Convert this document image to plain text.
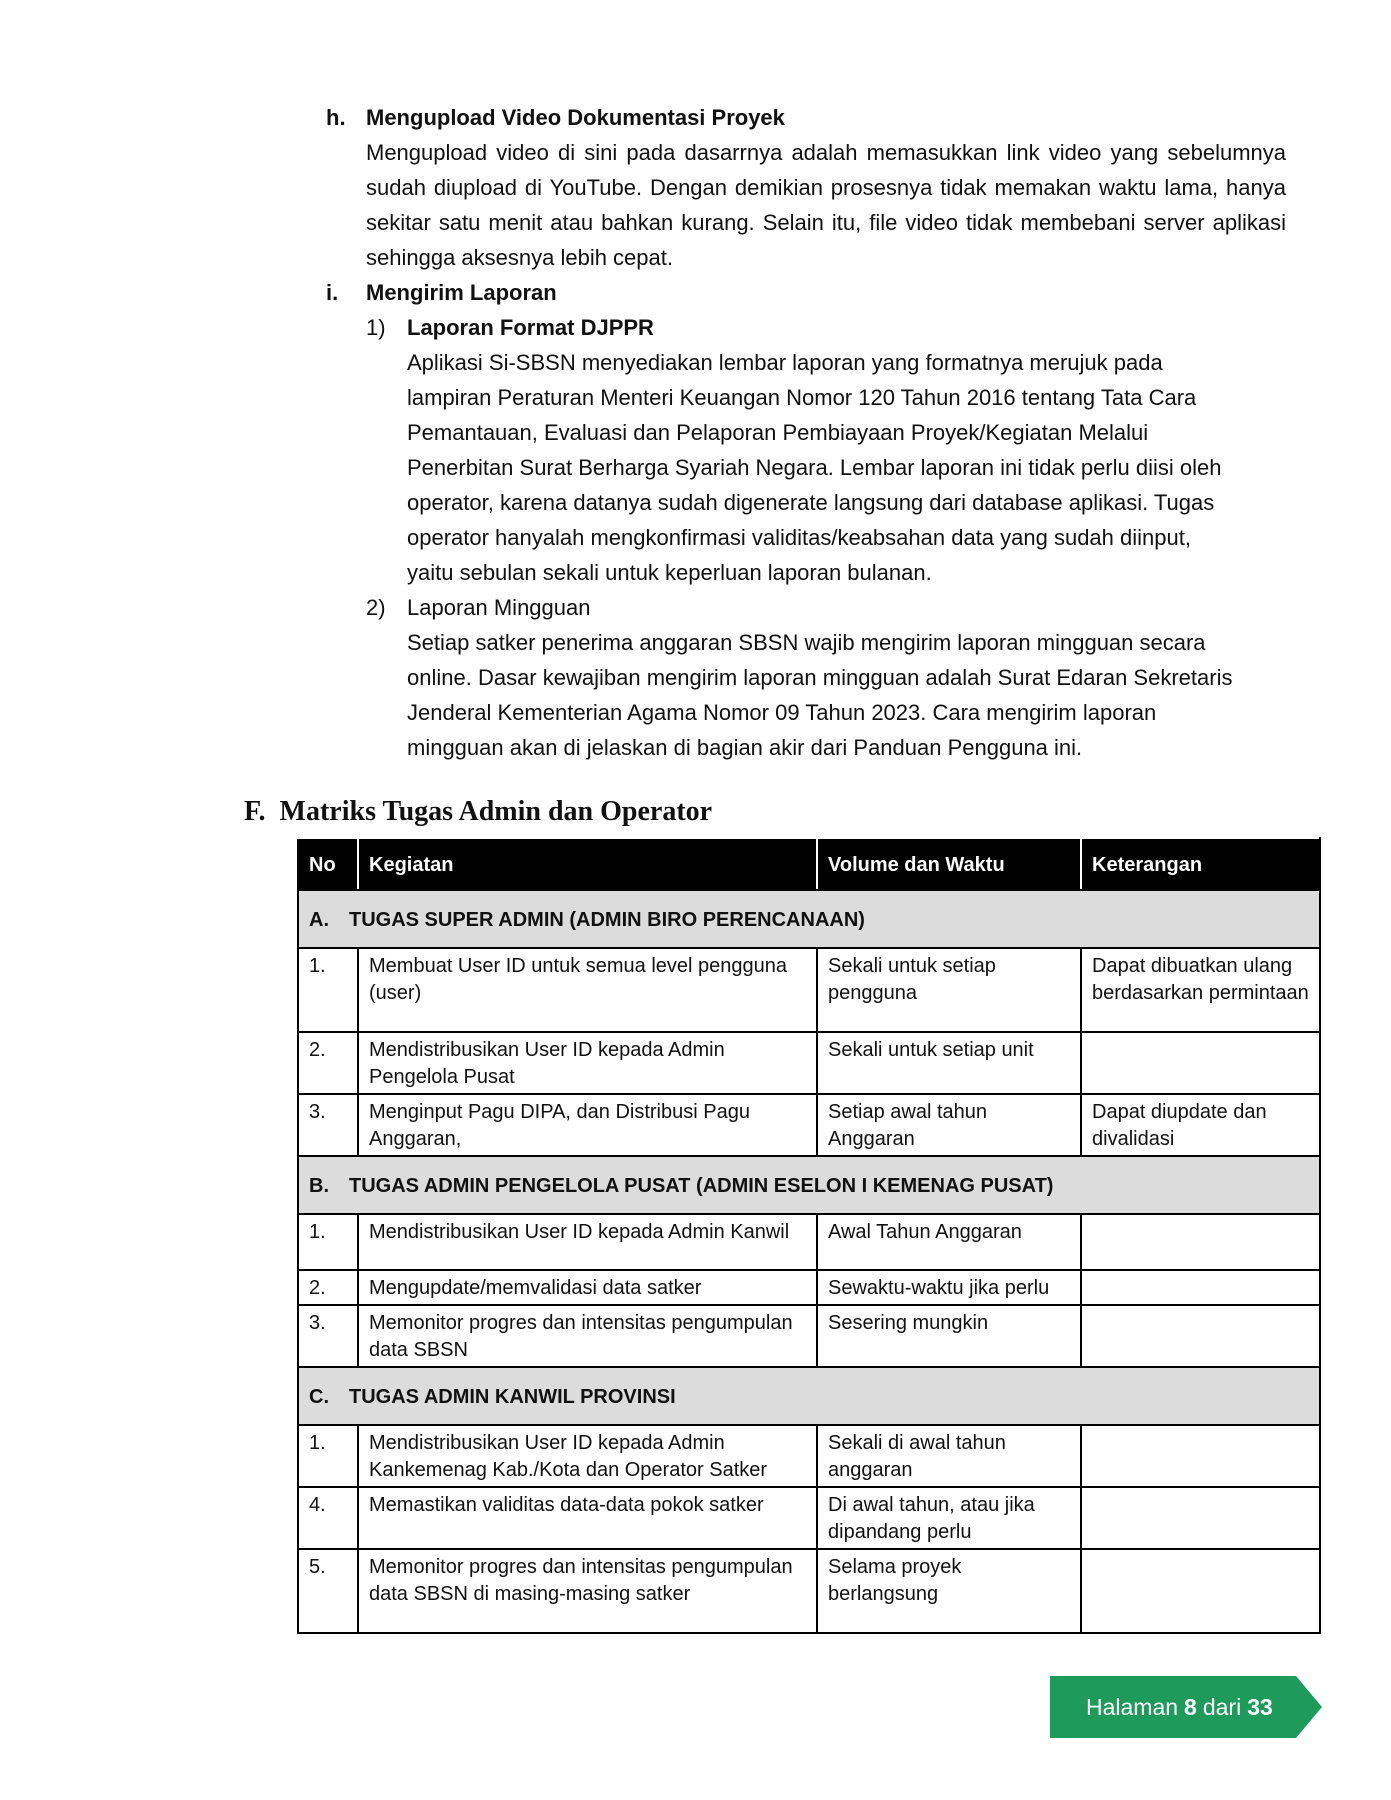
h. Mengupload Video Dokumentasi Proyek
Mengupload video di sini pada dasarrnya adalah memasukkan link video yang sebelumnya sudah diupload di YouTube. Dengan demikian prosesnya tidak memakan waktu lama, hanya sekitar satu menit atau bahkan kurang. Selain itu, file video tidak membebani server aplikasi sehingga aksesnya lebih cepat.
i. Mengirim Laporan
1) Laporan Format DJPPR
Aplikasi Si-SBSN menyediakan lembar laporan yang formatnya merujuk pada
lampiran Peraturan Menteri Keuangan Nomor 120 Tahun 2016 tentang Tata Cara
Pemantauan, Evaluasi dan Pelaporan Pembiayaan Proyek/Kegiatan Melalui
Penerbitan Surat Berharga Syariah Negara. Lembar laporan ini tidak perlu diisi oleh
operator, karena datanya sudah digenerate langsung dari database aplikasi. Tugas
operator hanyalah mengkonfirmasi validitas/keabsahan data yang sudah diinput,
yaitu sebulan sekali untuk keperluan laporan bulanan.
2) Laporan Mingguan
Setiap satker penerima anggaran SBSN wajib mengirim laporan mingguan secara
online. Dasar kewajiban mengirim laporan mingguan adalah Surat Edaran Sekretaris
Jenderal Kementerian Agama Nomor 09 Tahun 2023. Cara mengirim laporan
mingguan akan di jelaskan di bagian akir dari Panduan Pengguna ini.
F. Matriks Tugas Admin dan Operator
No	Kegiatan	Volume dan Waktu	Keterangan
A. TUGAS SUPER ADMIN (ADMIN BIRO PERENCANAAN)			
1.	Membuat User ID untuk semua level pengguna (user)	Sekali untuk setiap pengguna	Dapat dibuatkan ulang berdasarkan permintaan
2.	Mendistribusikan User ID kepada Admin Pengelola Pusat	Sekali untuk setiap unit	
3.	Menginput Pagu DIPA, dan Distribusi Pagu Anggaran,	Setiap awal tahun Anggaran	Dapat diupdate dan divalidasi
B. TUGAS ADMIN PENGELOLA PUSAT (ADMIN ESELON I KEMENAG PUSAT)			
1.	Mendistribusikan User ID kepada Admin Kanwil	Awal Tahun Anggaran	
2.	Mengupdate/memvalidasi data satker	Sewaktu-waktu jika perlu	
3.	Memonitor progres dan intensitas pengumpulan data SBSN	Sesering mungkin	
C. TUGAS ADMIN KANWIL PROVINSI			
1.	Mendistribusikan User ID kepada Admin Kankemenag Kab./Kota dan Operator Satker	Sekali di awal tahun anggaran	
4.	Memastikan validitas data-data pokok satker	Di awal tahun, atau jika dipandang perlu	
5.	Memonitor progres dan intensitas pengumpulan data SBSN di masing-masing satker	Selama proyek berlangsung	
Halaman 8 dari 33
